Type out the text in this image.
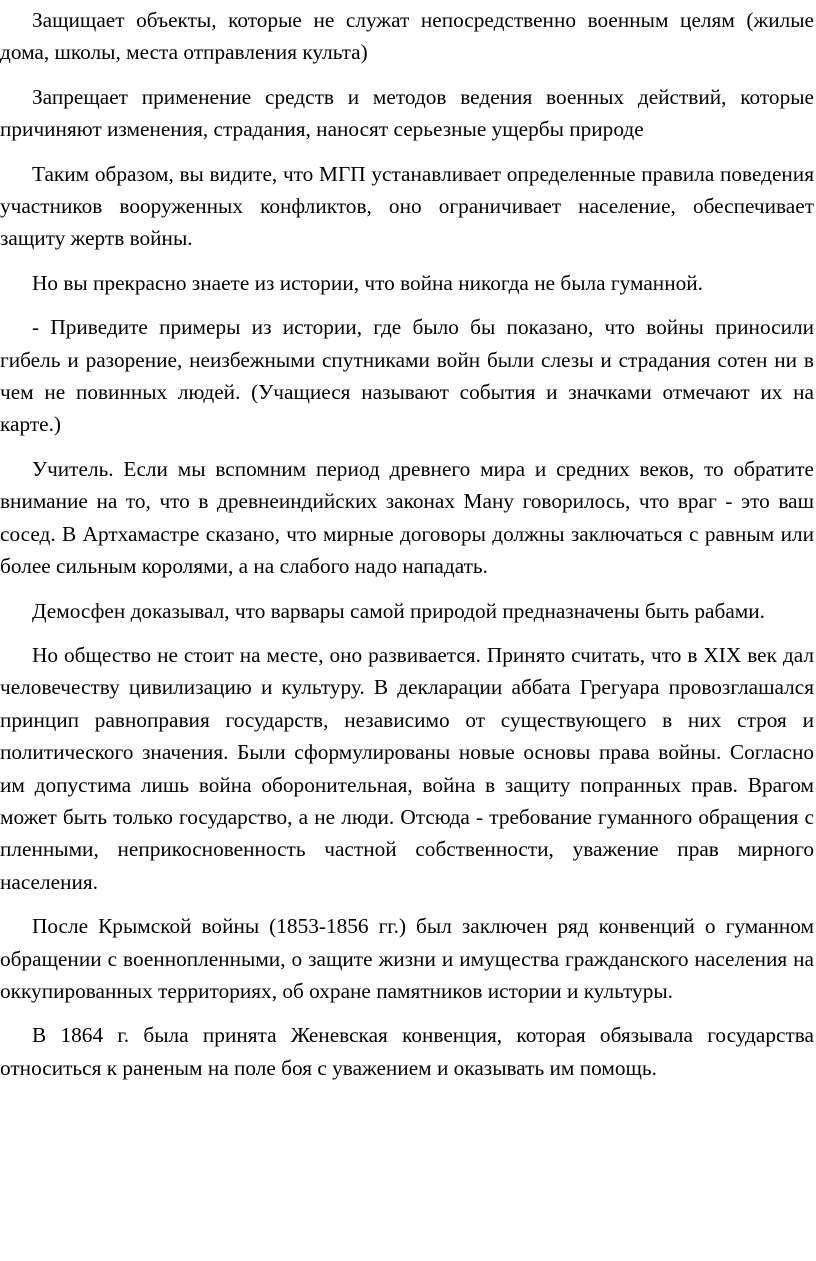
Защищает объекты, которые не служат непосредственно военным целям (жилые дома, школы, места отправления культа)

Запрещает применение средств и методов ведения военных действий, которые причиняют изменения, страдания, наносят серьезные ущербы природе

Таким образом, вы видите, что МГП устанавливает определенные правила поведения участников вооруженных конфликтов, оно ограничивает население, обеспечивает защиту жертв войны.

Но вы прекрасно знаете из истории, что война никогда не была гуманной.

- Приведите примеры из истории, где было бы показано, что войны приносили гибель и разорение, неизбежными спутниками войн были слезы и страдания сотен ни в чем не повинных людей. (Учащиеся называют события и значками отмечают их на карте.)

Учитель. Если мы вспомним период древнего мира и средних веков, то обратите внимание на то, что в древнеиндийских законах Ману говорилось, что враг - это ваш сосед. В Артхамастре сказано, что мирные договоры должны заключаться с равным или более сильным королями, а на слабого надо нападать.

Демосфен доказывал, что варвары самой природой предназначены быть рабами.

Но общество не стоит на месте, оно развивается. Принято считать, что в XIX век дал человечеству цивилизацию и культуру. В декларации аббата Грегуара провозглашался принцип равноправия государств, независимо от существующего в них строя и политического значения. Были сформулированы новые основы права войны. Согласно им допустима лишь война оборонительная, война в защиту попранных прав. Врагом может быть только государство, а не люди. Отсюда - требование гуманного обращения с пленными, неприкосновенность частной собственности, уважение прав мирного населения.

После Крымской войны (1853-1856 гг.) был заключен ряд конвенций о гуманном обращении с военнопленными, о защите жизни и имущества гражданского населения на оккупированных территориях, об охране памятников истории и культуры.

В 1864 г. была принята Женевская конвенция, которая обязывала государства относиться к раненым на поле боя с уважением и оказывать им помощь.
